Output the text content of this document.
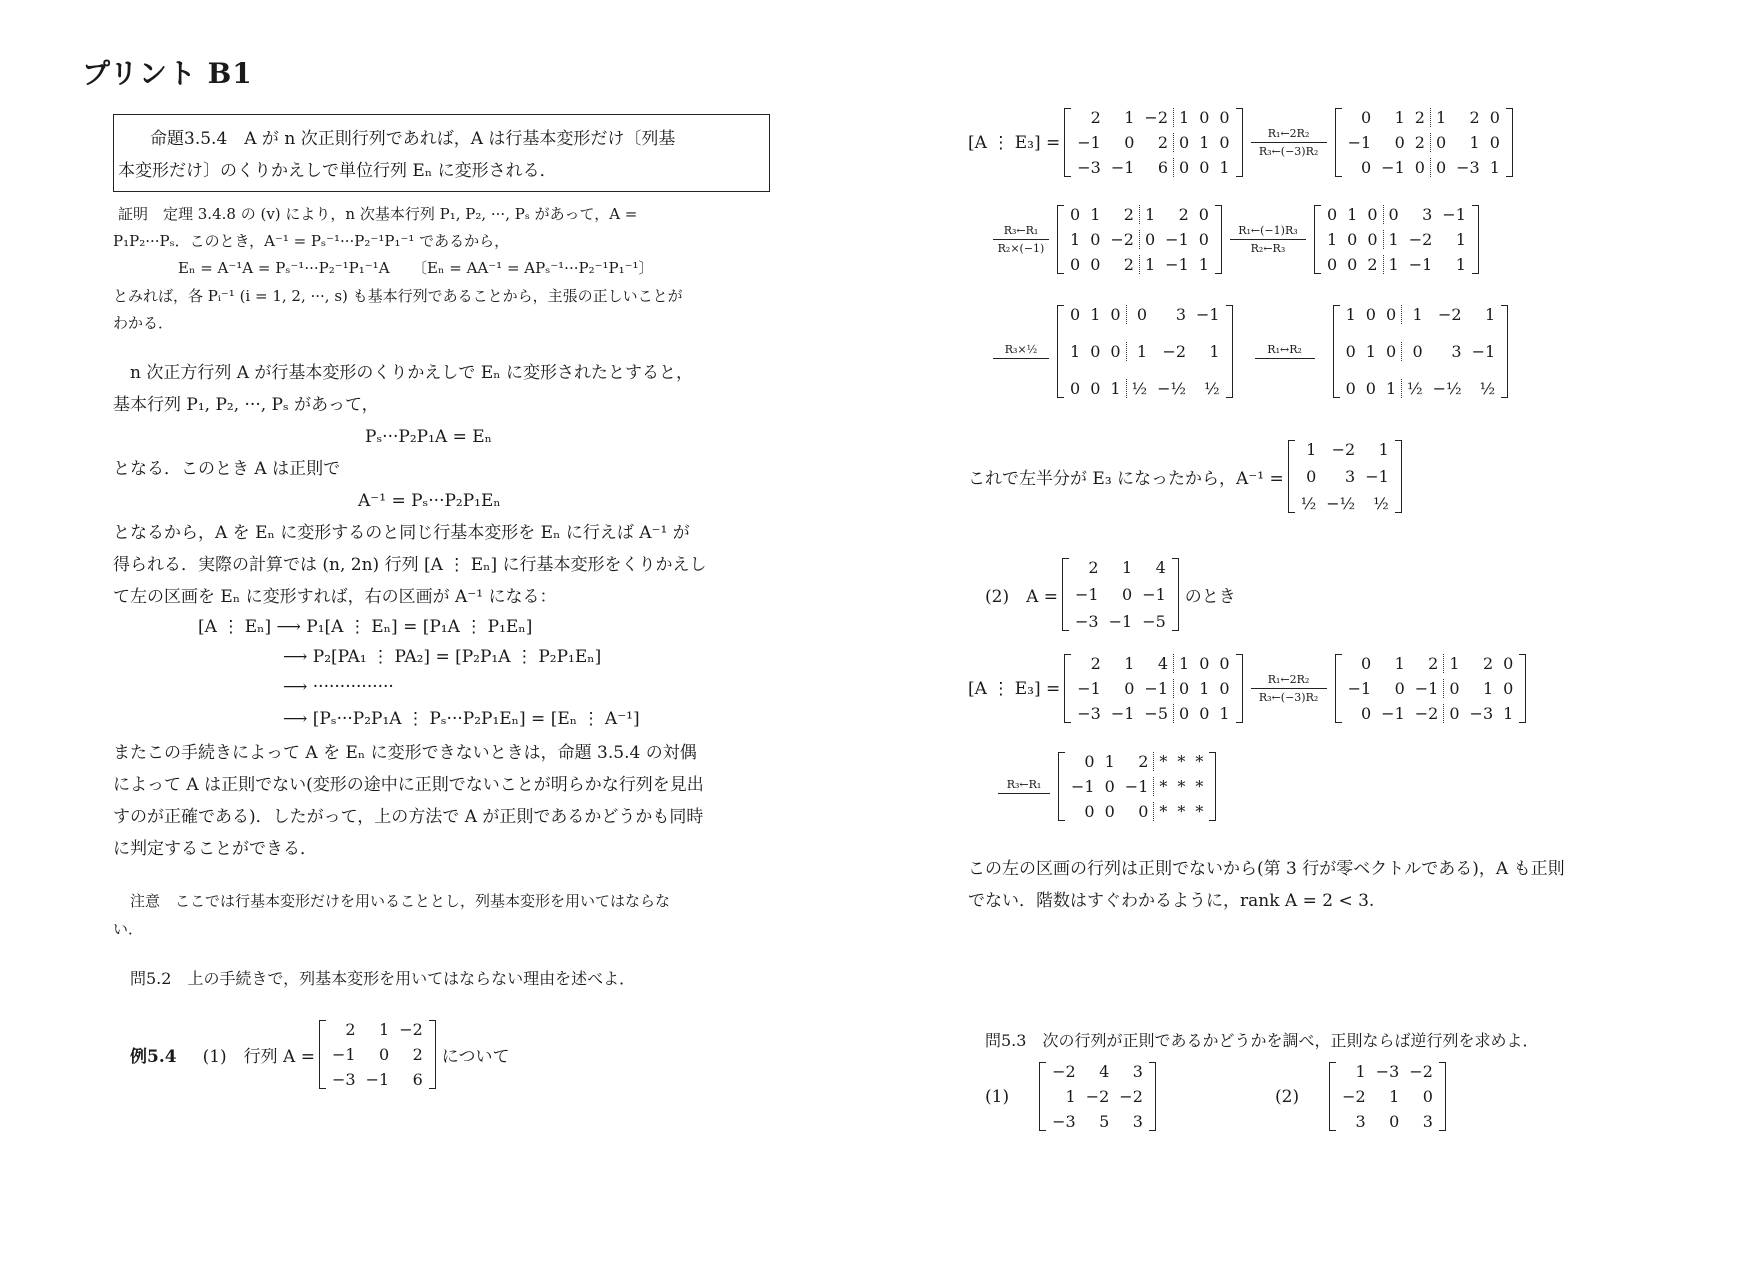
プリント B1
命題3.5.4　A が n 次正則行列であれば，A は行基本変形だけ〔列基
本変形だけ〕のくりかえしで単位行列 Eₙ に変形される．
証明　定理 3.4.8 の (v) により，n 次基本行列 P₁, P₂, ···, Pₛ があって，A =
P₁P₂···Pₛ．このとき，A⁻¹ = Pₛ⁻¹···P₂⁻¹P₁⁻¹ であるから，
Eₙ = A⁻¹A = Pₛ⁻¹···P₂⁻¹P₁⁻¹A　　〔Eₙ = AA⁻¹ = APₛ⁻¹···P₂⁻¹P₁⁻¹〕
とみれば，各 Pᵢ⁻¹ (i = 1, 2, ···, s) も基本行列であることから，主張の正しいことが
わかる．
n 次正方行列 A が行基本変形のくりかえしで Eₙ に変形されたとすると，
基本行列 P₁, P₂, ···, Pₛ があって，
Pₛ···P₂P₁A = Eₙ
となる．このとき A は正則で
A⁻¹ = Pₛ···P₂P₁Eₙ
となるから，A を Eₙ に変形するのと同じ行基本変形を Eₙ に行えば A⁻¹ が
得られる．実際の計算では (n, 2n) 行列 [A ⋮ Eₙ] に行基本変形をくりかえし
て左の区画を Eₙ に変形すれば，右の区画が A⁻¹ になる：
[A ⋮ Eₙ] ⟶ P₁[A ⋮ Eₙ] = [P₁A ⋮ P₁Eₙ]
⟶ P₂[PA₁ ⋮ PA₂] = [P₂P₁A ⋮ P₂P₁Eₙ]
⟶ ···············
⟶ [Pₛ···P₂P₁A ⋮ Pₛ···P₂P₁Eₙ] = [Eₙ ⋮ A⁻¹]
またこの手続きによって A を Eₙ に変形できないときは，命題 3.5.4 の対偶
によって A は正則でない(変形の途中に正則でないことが明らかな行列を見出
すのが正確である)．したがって，上の方法で A が正則であるかどうかも同時
に判定することができる．
注意　ここでは行基本変形だけを用いることとし，列基本変形を用いてはならな
い．
問5.2　上の手続きで，列基本変形を用いてはならない理由を述べよ．
例5.4 (1)　行列 A =
2	1 −2
−1	0	2
−3 −1	6
について
[A ⋮ E₃] =
2	1 −2 1 0 0
−1	0	2 0 1 0
−3 −1	6 0 0 1
R₁←2R₂
R₃←(−3)R₂
0	1 2 1	2 0
−1	0 2 0	1 0
0 −1 0 0 −3 1
R₃←R₁
R₂×(−1)
0 1	2 1	2 0
1 0 −2 0 −1 0
0 0	2 1 −1 1
R₁←(−1)R₃
R₂←R₃
0 1 0 0	3 −1
1 0 0 1 −2	1
0 0 2 1 −1	1
R₃×½
0 1 0	0	3 −1
1 0 0	1 −2	1
0 0 1 ½ −½	½
R₁↔R₂
1 0 0	1 −2	1
0 1 0	0	3 −1
0 0 1 ½ −½	½
これで左半分が E₃ になったから，A⁻¹ =
1 −2	1
0	3 −1
½ −½	½
(2)　A =
2	1	4
−1	0 −1
−3 −1 −5
のとき
[A ⋮ E₃] =
2	1	4 1 0 0
−1	0 −1 0 1 0
−3 −1 −5 0 0 1
R₁←2R₂
R₃←(−3)R₂
0	1	2 1	2 0
−1	0 −1 0	1 0
0 −1 −2 0 −3 1
R₃←R₁
0 1	2 * * *
−1 0 −1 * * *
0 0	0 * * *
この左の区画の行列は正則でないから(第 3 行が零ベクトルである)，A も正則
でない．階数はすぐわかるように，rank A = 2 < 3.
問5.3　次の行列が正則であるかどうかを調べ，正則ならば逆行列を求めよ．
(1)
−2	4	3
1 −2 −2
−3	5	3
(2)
1 −3 −2
−2	1	0
3	0	3
